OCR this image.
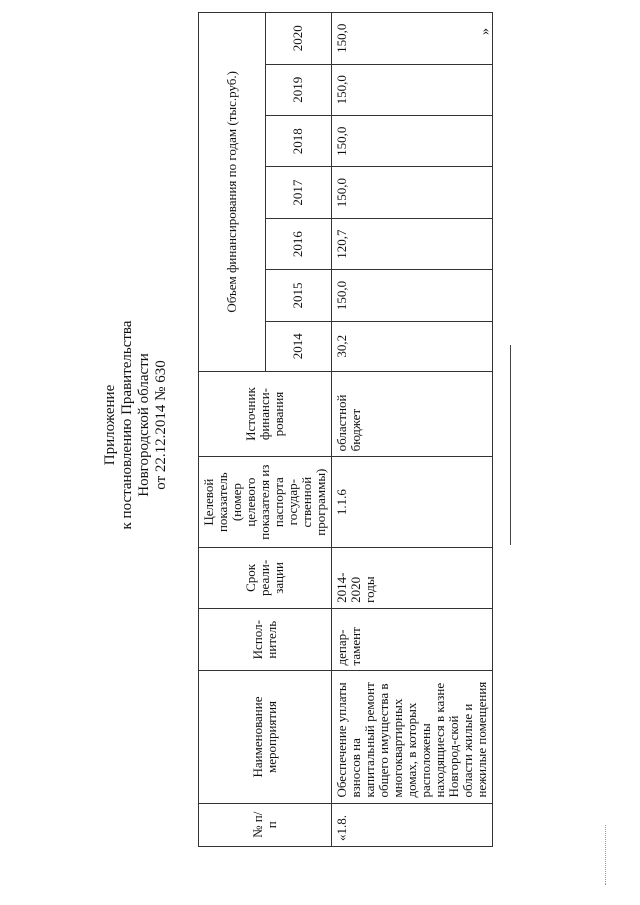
Приложение к постановлению Правительства Новгородской области от 22.12.2014 № 630
№ п/п	Наименование мероприятия	Испол-нитель	Срок реали-зации	Целевой показатель (номер целевого показателя из паспорта государ-ственной программы)	Источник финанси-рования	Объем финансирования по годам (тыс.руб.)						
						2014	2015	2016	2017	2018	2019	2020
«1.8.	Обеспечение уплаты взносов на капитальный ремонт общего имущества в многоквартирных домах, в которых расположены находящиеся в казне Новгород-ской области жилые и нежилые помещения	депар-тамент	2014-2020 годы	1.1.6	областной бюджет	30,2	150,0	120,7	150,0	150,0	150,0	150,0	»
